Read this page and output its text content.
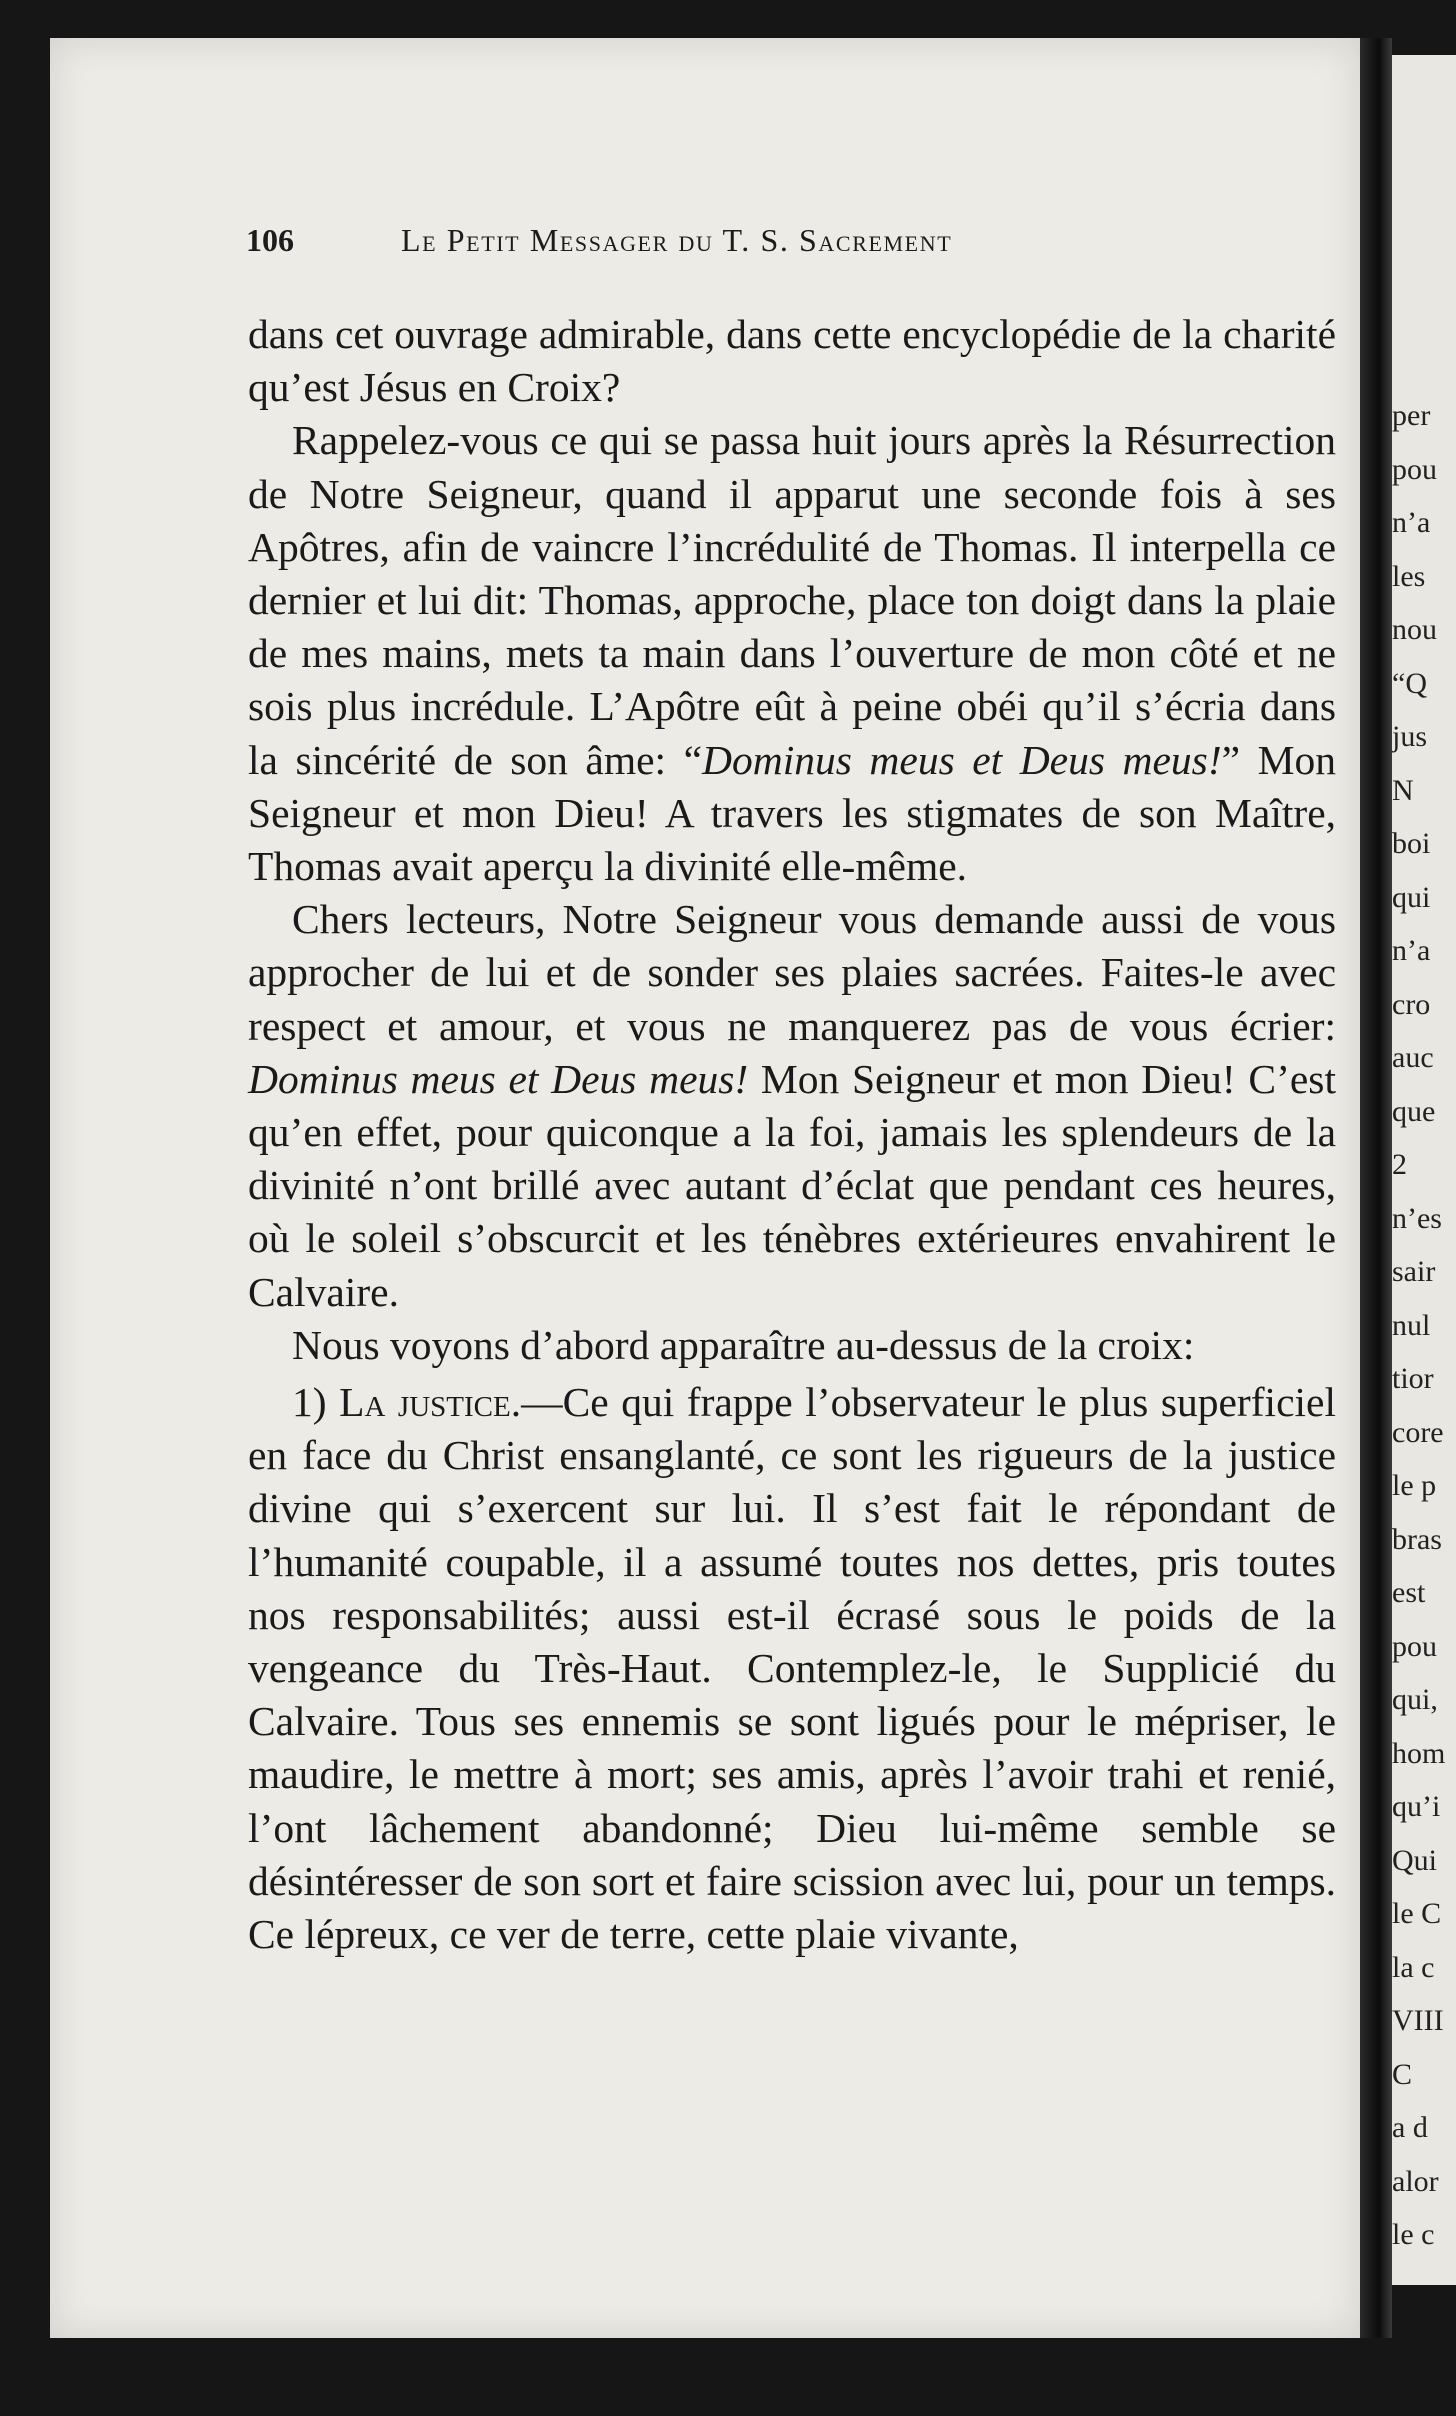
106	Le Petit Messager du T. S. Sacrement

dans cet ouvrage admirable, dans cette encyclopédie de la charité qu’est Jésus en Croix?

Rappelez-vous ce qui se passa huit jours après la Résurrection de Notre Seigneur, quand il apparut une seconde fois à ses Apôtres, afin de vaincre l’incrédulité de Thomas. Il interpella ce dernier et lui dit: Thomas, approche, place ton doigt dans la plaie de mes mains, mets ta main dans l’ouverture de mon côté et ne sois plus incrédule. L’Apôtre eût à peine obéi qu’il s’écria dans la sincérité de son âme: “Dominus meus et Deus meus!” Mon Seigneur et mon Dieu! A travers les stigmates de son Maître, Thomas avait aperçu la divinité elle-même.

Chers lecteurs, Notre Seigneur vous demande aussi de vous approcher de lui et de sonder ses plaies sacrées. Faites-le avec respect et amour, et vous ne manquerez pas de vous écrier: Dominus meus et Deus meus! Mon Seigneur et mon Dieu! C’est qu’en effet, pour quiconque a la foi, jamais les splendeurs de la divinité n’ont brillé avec autant d’éclat que pendant ces heures, où le soleil s’obscurcit et les ténèbres extérieures envahirent le Calvaire.

Nous voyons d’abord apparaître au-dessus de la croix:

1) La justice.—Ce qui frappe l’observateur le plus superficiel en face du Christ ensanglanté, ce sont les rigueurs de la justice divine qui s’exercent sur lui. Il s’est fait le répondant de l’humanité coupable, il a assumé toutes nos dettes, pris toutes nos responsabilités; aussi est-il écrasé sous le poids de la vengeance du Très-Haut. Contemplez-le, le Supplicié du Calvaire. Tous ses ennemis se sont ligués pour le mépriser, le maudire, le mettre à mort; ses amis, après l’avoir trahi et renié, l’ont lâchement abandonné; Dieu lui-même semble se désintéresser de son sort et faire scission avec lui, pour un temps. Ce lépreux, ce ver de terre, cette plaie vivante,

per
pou
n’a
les
nou
“Q
jus
N
boi
qui
n’a
cro
auc
que
2
n’es
sair
nul
tior
core
le p
bras
est
pou
qui,
hom
qu’i
Qui
le C
la c
VIII
C
a d
alor
le c
